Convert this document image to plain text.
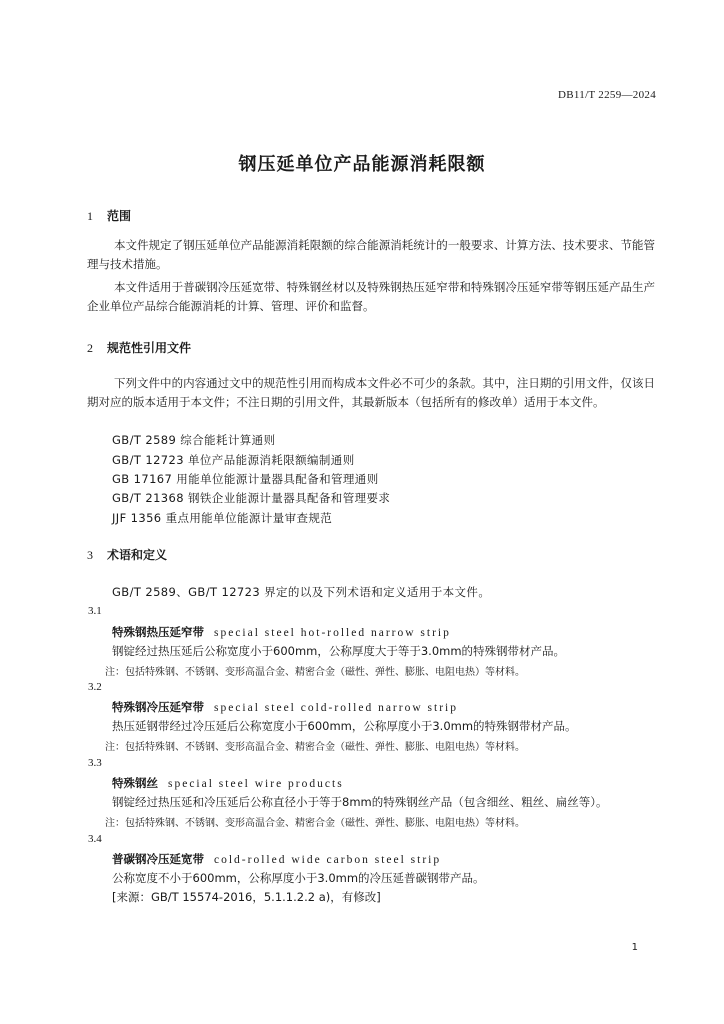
DB11/T 2259—2024
钢压延单位产品能源消耗限额
1 范围
本文件规定了钢压延单位产品能源消耗限额的综合能源消耗统计的一般要求、计算方法、技术要求、节能管理与技术措施。
本文件适用于普碳钢冷压延宽带、特殊钢丝材以及特殊钢热压延窄带和特殊钢冷压延窄带等钢压延产品生产企业单位产品综合能源消耗的计算、管理、评价和监督。
2 规范性引用文件
下列文件中的内容通过文中的规范性引用而构成本文件必不可少的条款。其中，注日期的引用文件，仅该日期对应的版本适用于本文件；不注日期的引用文件，其最新版本（包括所有的修改单）适用于本文件。
GB/T 2589 综合能耗计算通则
GB/T 12723 单位产品能源消耗限额编制通则
GB 17167 用能单位能源计量器具配备和管理通则
GB/T 21368 钢铁企业能源计量器具配备和管理要求
JJF 1356 重点用能单位能源计量审查规范
3 术语和定义
GB/T 2589、GB/T 12723 界定的以及下列术语和定义适用于本文件。
3.1
特殊钢热压延窄带 special steel hot-rolled narrow strip
钢锭经过热压延后公称宽度小于600mm，公称厚度大于等于3.0mm的特殊钢带材产品。
注：包括特殊钢、不锈钢、变形高温合金、精密合金（磁性、弹性、膨胀、电阻电热）等材料。
3.2
特殊钢冷压延窄带 special steel cold-rolled narrow strip
热压延钢带经过冷压延后公称宽度小于600mm，公称厚度小于3.0mm的特殊钢带材产品。
注：包括特殊钢、不锈钢、变形高温合金、精密合金（磁性、弹性、膨胀、电阻电热）等材料。
3.3
特殊钢丝 special steel wire products
钢锭经过热压延和冷压延后公称直径小于等于8mm的特殊钢丝产品（包含细丝、粗丝、扁丝等）。
注：包括特殊钢、不锈钢、变形高温合金、精密合金（磁性、弹性、膨胀、电阻电热）等材料。
3.4
普碳钢冷压延宽带 cold-rolled wide carbon steel strip
公称宽度不小于600mm，公称厚度小于3.0mm的冷压延普碳钢带产品。
[来源：GB/T 15574-2016，5.1.1.2.2 a)，有修改]
1
